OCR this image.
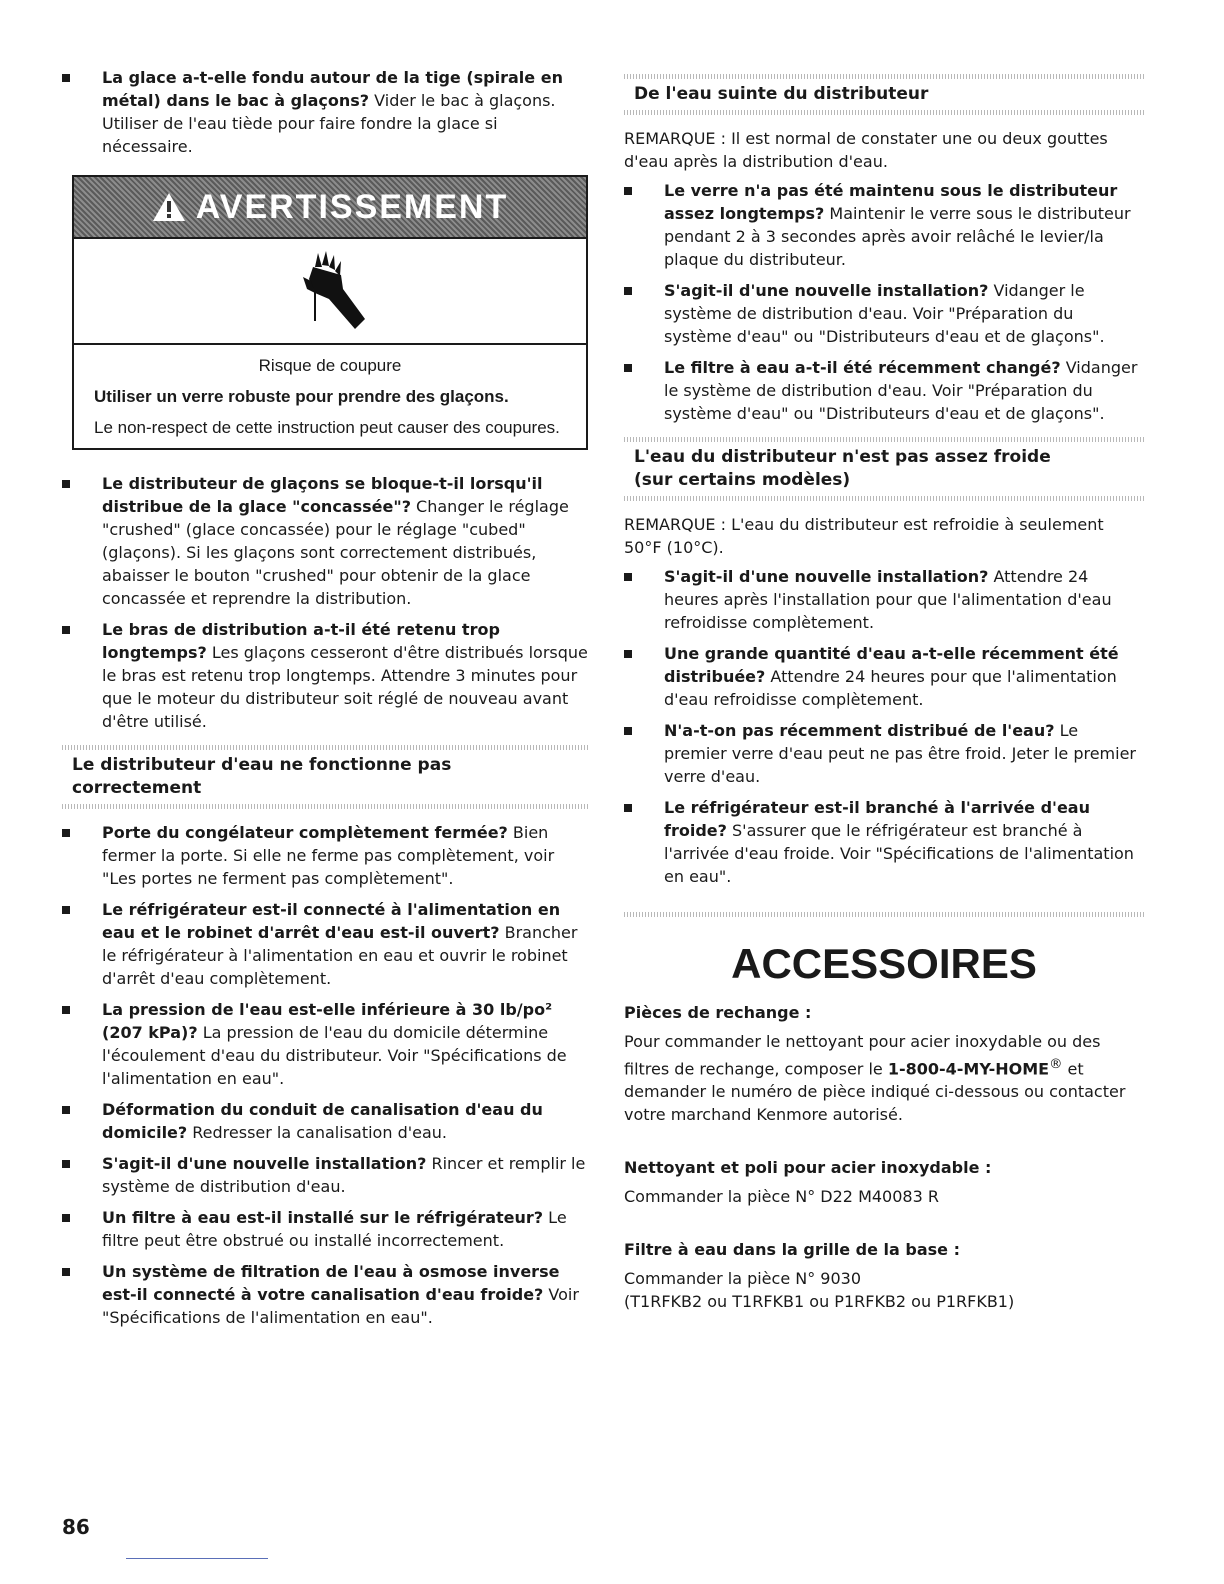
La glace a-t-elle fondu autour de la tige (spirale en métal) dans le bac à glaçons? Vider le bac à glaçons. Utiliser de l'eau tiède pour faire fondre la glace si nécessaire.
AVERTISSEMENT
Risque de coupure
Utiliser un verre robuste pour prendre des glaçons.
Le non-respect de cette instruction peut causer des coupures.
Le distributeur de glaçons se bloque-t-il lorsqu'il distribue de la glace "concassée"? Changer le réglage "crushed" (glace concassée) pour le réglage "cubed" (glaçons). Si les glaçons sont correctement distribués, abaisser le bouton "crushed" pour obtenir de la glace concassée et reprendre la distribution.
Le bras de distribution a-t-il été retenu trop longtemps? Les glaçons cesseront d'être distribués lorsque le bras est retenu trop longtemps. Attendre 3 minutes pour que le moteur du distributeur soit réglé de nouveau avant d'être utilisé.
Le distributeur d'eau ne fonctionne pas correctement
Porte du congélateur complètement fermée? Bien fermer la porte. Si elle ne ferme pas complètement, voir "Les portes ne ferment pas complètement".
Le réfrigérateur est-il connecté à l'alimentation en eau et le robinet d'arrêt d'eau est-il ouvert? Brancher le réfrigérateur à l'alimentation en eau et ouvrir le robinet d'arrêt d'eau complètement.
La pression de l'eau est-elle inférieure à 30 lb/po² (207 kPa)? La pression de l'eau du domicile détermine l'écoulement d'eau du distributeur. Voir "Spécifications de l'alimentation en eau".
Déformation du conduit de canalisation d'eau du domicile? Redresser la canalisation d'eau.
S'agit-il d'une nouvelle installation? Rincer et remplir le système de distribution d'eau.
Un filtre à eau est-il installé sur le réfrigérateur? Le filtre peut être obstrué ou installé incorrectement.
Un système de filtration de l'eau à osmose inverse est-il connecté à votre canalisation d'eau froide? Voir "Spécifications de l'alimentation en eau".
De l'eau suinte du distributeur

REMARQUE : Il est normal de constater une ou deux gouttes d'eau après la distribution d'eau.

Le verre n'a pas été maintenu sous le distributeur assez longtemps? Maintenir le verre sous le distributeur pendant 2 à 3 secondes après avoir relâché le levier/la plaque du distributeur.
S'agit-il d'une nouvelle installation? Vidanger le système de distribution d'eau. Voir "Préparation du système d'eau" ou "Distributeurs d'eau et de glaçons".
Le filtre à eau a-t-il été récemment changé? Vidanger le système de distribution d'eau. Voir "Préparation du système d'eau" ou "Distributeurs d'eau et de glaçons".
L'eau du distributeur n'est pas assez froide
(sur certains modèles)

REMARQUE : L'eau du distributeur est refroidie à seulement 50°F (10°C).

S'agit-il d'une nouvelle installation? Attendre 24 heures après l'installation pour que l'alimentation d'eau refroidisse complètement.
Une grande quantité d'eau a-t-elle récemment été distribuée? Attendre 24 heures pour que l'alimentation d'eau refroidisse complètement.
N'a-t-on pas récemment distribué de l'eau? Le premier verre d'eau peut ne pas être froid. Jeter le premier verre d'eau.
Le réfrigérateur est-il branché à l'arrivée d'eau froide? S'assurer que le réfrigérateur est branché à l'arrivée d'eau froide. Voir "Spécifications de l'alimentation en eau".
ACCESSOIRES

Pièces de rechange :

Pour commander le nettoyant pour acier inoxydable ou des filtres de rechange, composer le 1-800-4-MY-HOME® et demander le numéro de pièce indiqué ci-dessous ou contacter votre marchand Kenmore autorisé.

Nettoyant et poli pour acier inoxydable :

Commander la pièce N° D22 M40083 R

Filtre à eau dans la grille de la base :

Commander la pièce N° 9030
(T1RFKB2 ou T1RFKB1 ou P1RFKB2 ou P1RFKB1)

86
